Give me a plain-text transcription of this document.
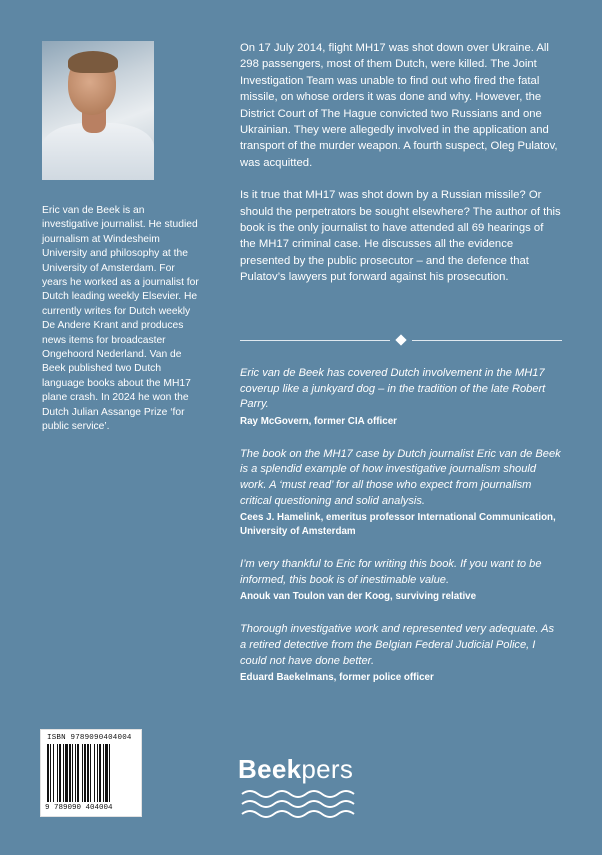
Eric van de Beek is an investigative journalist. He studied journalism at Windesheim University and philosophy at the University of Amsterdam. For years he worked as a journalist for Dutch leading weekly Elsevier. He currently writes for Dutch weekly De Andere Krant and produces news items for broadcaster Ongehoord Nederland. Van de Beek published two Dutch language books about the MH17 plane crash. In 2024 he won the Dutch Julian Assange Prize ‘for public service’.

On 17 July 2014, flight MH17 was shot down over Ukraine. All 298 passengers, most of them Dutch, were killed. The Joint Investigation Team was unable to find out who fired the fatal missile, on whose orders it was done and why. However, the District Court of The Hague convicted two Russians and one Ukrainian. They were allegedly involved in the application and transport of the murder weapon. A fourth suspect, Oleg Pulatov, was acquitted.

Is it true that MH17 was shot down by a Russian missile? Or should the perpetrators be sought elsewhere? The author of this book is the only journalist to have attended all 69 hearings of the MH17 criminal case. He discusses all the evidence presented by the public prosecutor – and the defence that Pulatov’s lawyers put forward against his prosecution.

Eric van de Beek has covered Dutch involvement in the MH17 coverup like a junkyard dog – in the tradition of the late Robert Parry.

Ray McGovern, former CIA officer

The book on the MH17 case by Dutch journalist Eric van de Beek is a splendid example of how investigative journalism should work. A ‘must read’ for all those who expect from journalism critical questioning and solid analysis.

Cees J. Hamelink, emeritus professor International Communication, University of Amsterdam

I’m very thankful to Eric for writing this book. If you want to be informed, this book is of inestimable value.

Anouk van Toulon van der Koog, surviving relative

Thorough investigative work and represented very adequate. As a retired detective from the Belgian Federal Judicial Police, I could not have done better.

Eduard Baekelmans, former police officer

ISBN 9789090404004
9 789090 404004
Beekpers
